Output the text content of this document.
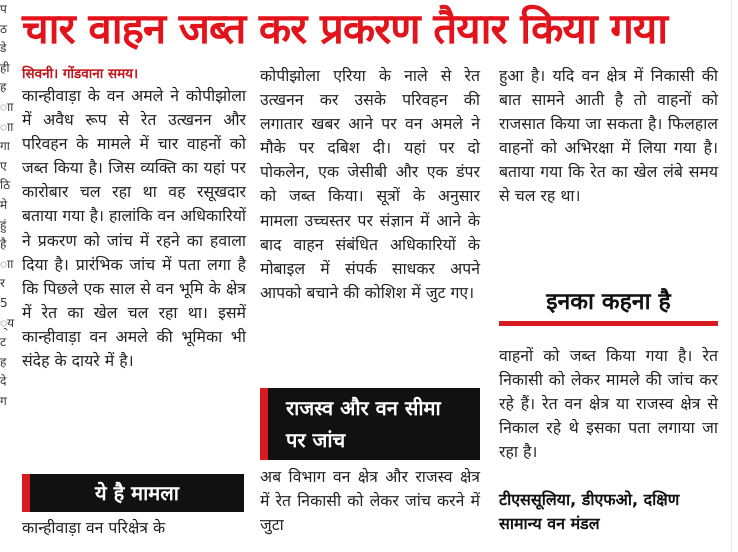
प
ठ
डे
ही
ह
ाा
ाा
गा
ए
ठि
मे
हुं
है
ाा
र
5
्य
ट
ह
दे
ग
चार वाहन जब्त कर प्रकरण तैयार किया गया
सिवनी। गोंडवाना समय।

कान्हीवाड़ा के वन अमले ने कोपीझोला में अवैध रूप से रेत उत्खनन और परिवहन के मामले में चार वाहनों को जब्त किया है। जिस व्यक्ति का यहां पर कारोबार चल रहा था वह रसूखदार बताया गया है। हालांकि वन अधिकारियों ने प्रकरण को जांच में रहने का हवाला दिया है। प्रारंभिक जांच में पता लगा है कि पिछले एक साल से वन भूमि के क्षेत्र में रेत का खेल चल रहा था। इसमें कान्हीवाड़ा वन अमले की भूमिका भी संदेह के दायरे में है।

ये है मामला
कान्हीवाड़ा वन परिक्षेत्र के

कोपीझोला एरिया के नाले से रेत उत्खनन कर उसके परिवहन की लगातार खबर आने पर वन अमले ने मौके पर दबिश दी। यहां पर दो पोकलेन, एक जेसीबी और एक डंपर को जब्त किया। सूत्रों के अनुसार मामला उच्चस्तर पर संज्ञान में आने के बाद वाहन संबंधित अधिकारियों के मोबाइल में संपर्क साधकर अपने आपको बचाने की कोशिश में जुट गए।

राजस्व और वन सीमा पर जांच
अब विभाग वन क्षेत्र और राजस्व क्षेत्र में रेत निकासी को लेकर जांच करने में जुटा

हुआ है। यदि वन क्षेत्र में निकासी की बात सामने आती है तो वाहनों को राजसात किया जा सकता है। फिलहाल वाहनों को अभिरक्षा में लिया गया है। बताया गया कि रेत का खेल लंबे समय से चल रह था।

इनका कहना है

वाहनों को जब्त किया गया है। रेत निकासी को लेकर मामले की जांच कर रहे हैं। रेत वन क्षेत्र या राजस्व क्षेत्र से निकाल रहे थे इसका पता लगाया जा रहा है।

टीएससूलिया, डीएफओ, दक्षिण सामान्य वन मंडल
